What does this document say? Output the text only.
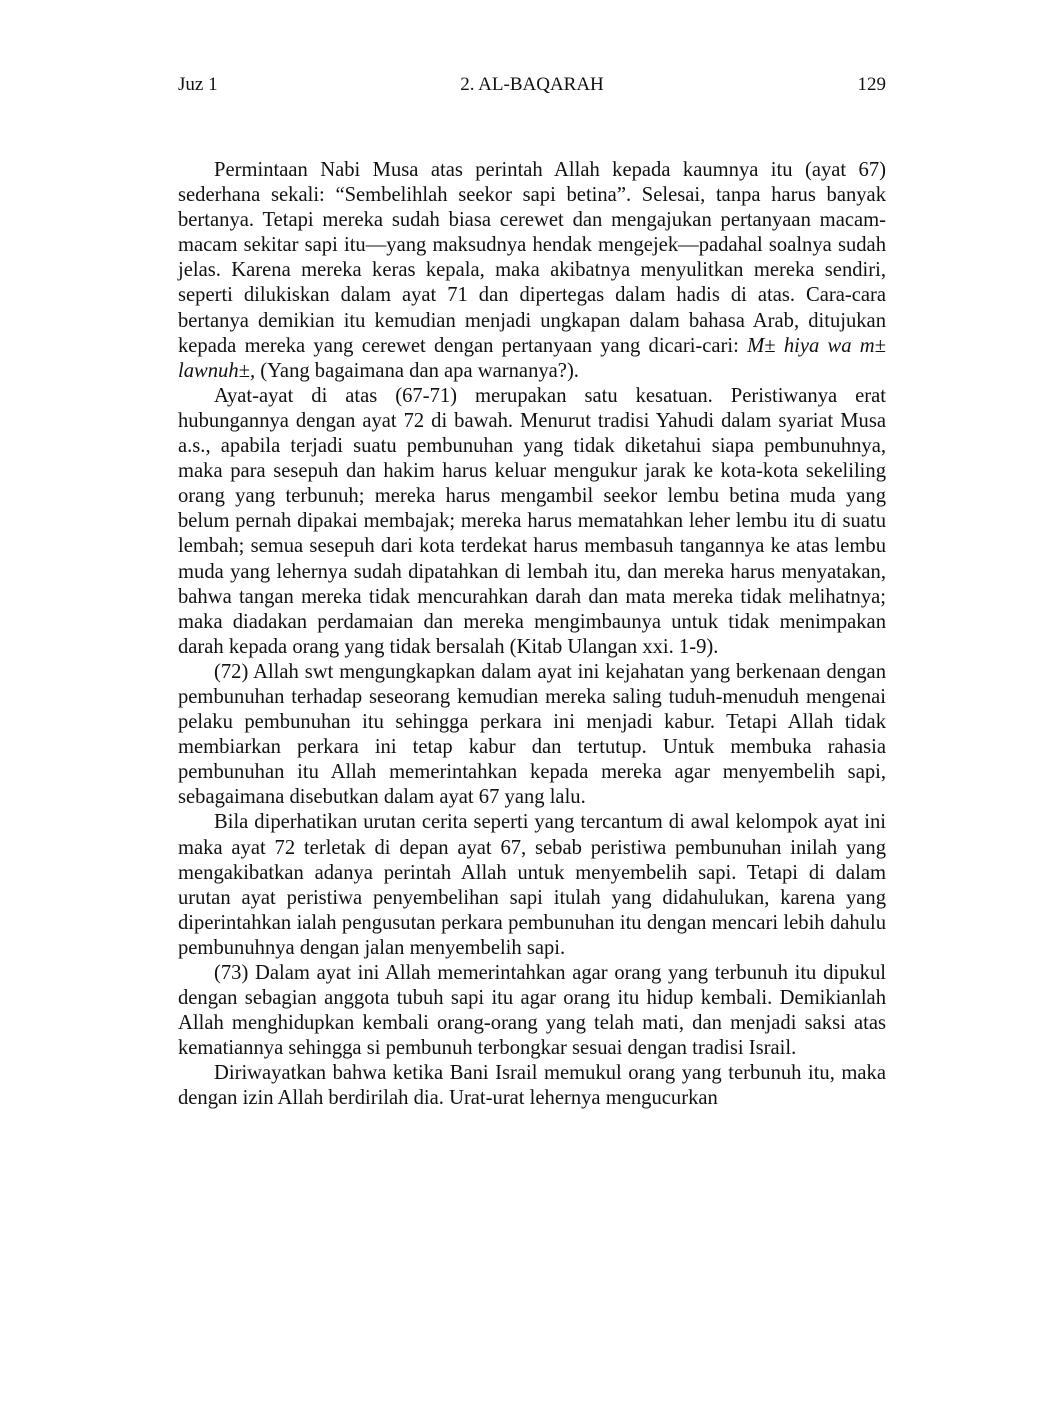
Juz 1	2. AL-BAQARAH	129

Permintaan Nabi Musa atas perintah Allah kepada kaumnya itu (ayat 67) sederhana sekali: “Sembelihlah seekor sapi betina”. Selesai, tanpa harus banyak bertanya. Tetapi mereka sudah biasa cerewet dan mengajukan pertanyaan macam-macam sekitar sapi itu—yang maksudnya hendak mengejek—padahal soalnya sudah jelas. Karena mereka keras kepala, maka akibatnya menyulitkan mereka sendiri, seperti dilukiskan dalam ayat 71 dan dipertegas dalam hadis di atas. Cara-cara bertanya demikian itu kemudian menjadi ungkapan dalam bahasa Arab, ditujukan kepada mereka yang cerewet dengan pertanyaan yang dicari-cari: M± hiya wa m± lawnuh±, (Yang bagaimana dan apa warnanya?).

Ayat-ayat di atas (67-71) merupakan satu kesatuan. Peristiwanya erat hubungannya dengan ayat 72 di bawah. Menurut tradisi Yahudi dalam syariat Musa a.s., apabila terjadi suatu pembunuhan yang tidak diketahui siapa pembunuhnya, maka para sesepuh dan hakim harus keluar mengukur jarak ke kota-kota sekeliling orang yang terbunuh; mereka harus mengambil seekor lembu betina muda yang belum pernah dipakai membajak; mereka harus mematahkan leher lembu itu di suatu lembah; semua sesepuh dari kota terdekat harus membasuh tangannya ke atas lembu muda yang lehernya sudah dipatahkan di lembah itu, dan mereka harus menyatakan, bahwa tangan mereka tidak mencurahkan darah dan mata mereka tidak melihatnya; maka diadakan perdamaian dan mereka mengimbaunya untuk tidak menimpakan darah kepada orang yang tidak bersalah (Kitab Ulangan xxi. 1-9).

(72) Allah swt mengungkapkan dalam ayat ini kejahatan yang berkenaan dengan pembunuhan terhadap seseorang kemudian mereka saling tuduh-menuduh mengenai pelaku pembunuhan itu sehingga perkara ini menjadi kabur. Tetapi Allah tidak membiarkan perkara ini tetap kabur dan tertutup. Untuk membuka rahasia pembunuhan itu Allah memerintahkan kepada mereka agar menyembelih sapi, sebagaimana disebutkan dalam ayat 67 yang lalu.

Bila diperhatikan urutan cerita seperti yang tercantum di awal kelompok ayat ini maka ayat 72 terletak di depan ayat 67, sebab peristiwa pembunuhan inilah yang mengakibatkan adanya perintah Allah untuk menyembelih sapi. Tetapi di dalam urutan ayat peristiwa penyembelihan sapi itulah yang didahulukan, karena yang diperintahkan ialah pengusutan perkara pembunuhan itu dengan mencari lebih dahulu pembunuhnya dengan jalan menyembelih sapi.

(73) Dalam ayat ini Allah memerintahkan agar orang yang terbunuh itu dipukul dengan sebagian anggota tubuh sapi itu agar orang itu hidup kembali. Demikianlah Allah menghidupkan kembali orang-orang yang telah mati, dan menjadi saksi atas kematiannya sehingga si pembunuh terbongkar sesuai dengan tradisi Israil.

Diriwayatkan bahwa ketika Bani Israil memukul orang yang terbunuh itu, maka dengan izin Allah berdirilah dia. Urat-urat lehernya mengucurkan
